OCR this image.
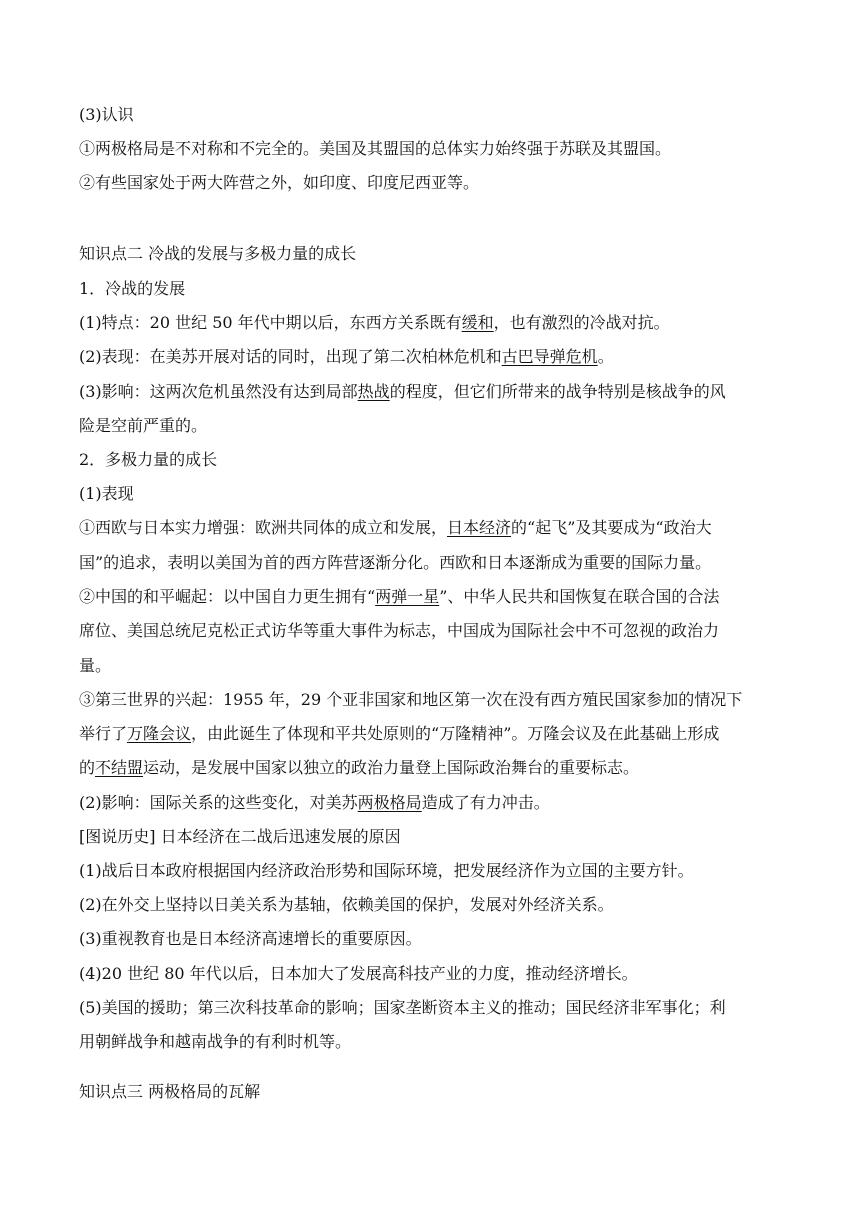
(3)认识
①两极格局是不对称和不完全的。美国及其盟国的总体实力始终强于苏联及其盟国。
②有些国家处于两大阵营之外，如印度、印度尼西亚等。
知识点二 冷战的发展与多极力量的成长
1．冷战的发展
(1)特点：20 世纪 50 年代中期以后，东西方关系既有缓和，也有激烈的冷战对抗。
(2)表现：在美苏开展对话的同时，出现了第二次柏林危机和古巴导弹危机。
(3)影响：这两次危机虽然没有达到局部热战的程度，但它们所带来的战争特别是核战争的风
险是空前严重的。
2．多极力量的成长
(1)表现
①西欧与日本实力增强：欧洲共同体的成立和发展，日本经济的“起飞”及其要成为“政治大
国”的追求，表明以美国为首的西方阵营逐渐分化。西欧和日本逐渐成为重要的国际力量。
②中国的和平崛起：以中国自力更生拥有“两弹一星”、中华人民共和国恢复在联合国的合法
席位、美国总统尼克松正式访华等重大事件为标志，中国成为国际社会中不可忽视的政治力
量。
③第三世界的兴起：1955 年，29 个亚非国家和地区第一次在没有西方殖民国家参加的情况下
举行了万隆会议，由此诞生了体现和平共处原则的“万隆精神”。万隆会议及在此基础上形成
的不结盟运动，是发展中国家以独立的政治力量登上国际政治舞台的重要标志。
(2)影响：国际关系的这些变化，对美苏两极格局造成了有力冲击。
[图说历史] 日本经济在二战后迅速发展的原因
(1)战后日本政府根据国内经济政治形势和国际环境，把发展经济作为立国的主要方针。
(2)在外交上坚持以日美关系为基轴，依赖美国的保护，发展对外经济关系。
(3)重视教育也是日本经济高速增长的重要原因。
(4)20 世纪 80 年代以后，日本加大了发展高科技产业的力度，推动经济增长。
(5)美国的援助；第三次科技革命的影响；国家垄断资本主义的推动；国民经济非军事化；利
用朝鲜战争和越南战争的有利时机等。
知识点三 两极格局的瓦解
